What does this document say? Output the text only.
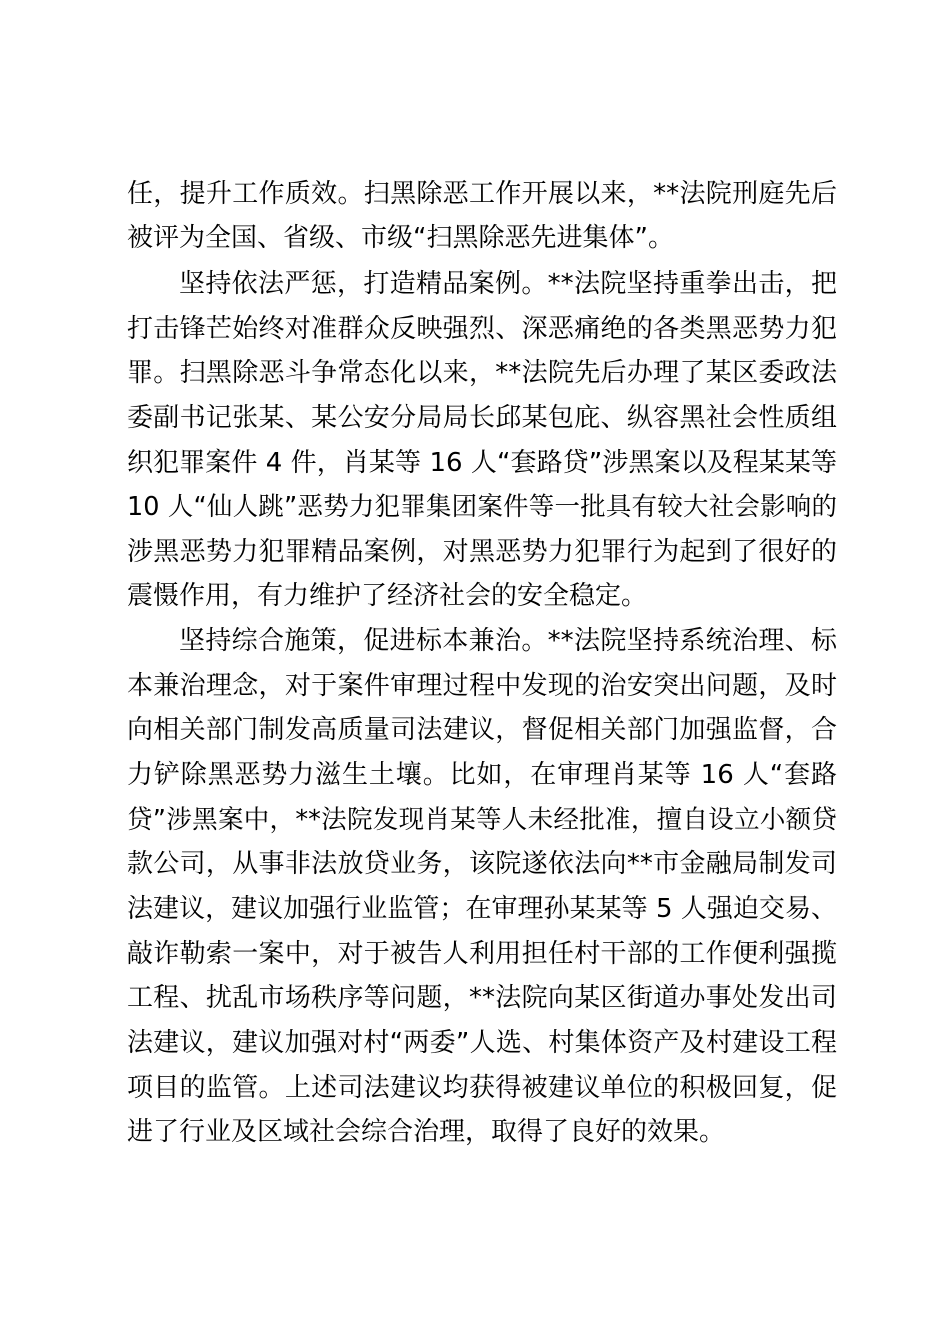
任，提升工作质效。扫黑除恶工作开展以来，**法院刑庭先后
被评为全国、省级、市级“扫黑除恶先进集体”。
坚持依法严惩，打造精品案例。**法院坚持重拳出击，把
打击锋芒始终对准群众反映强烈、深恶痛绝的各类黑恶势力犯
罪。扫黑除恶斗争常态化以来，**法院先后办理了某区委政法
委副书记张某、某公安分局局长邱某包庇、纵容黑社会性质组
织犯罪案件 4 件，肖某等 16 人“套路贷”涉黑案以及程某某等
10 人“仙人跳”恶势力犯罪集团案件等一批具有较大社会影响的
涉黑恶势力犯罪精品案例，对黑恶势力犯罪行为起到了很好的
震慑作用，有力维护了经济社会的安全稳定。
坚持综合施策，促进标本兼治。**法院坚持系统治理、标
本兼治理念，对于案件审理过程中发现的治安突出问题，及时
向相关部门制发高质量司法建议，督促相关部门加强监督，合
力铲除黑恶势力滋生土壤。比如，在审理肖某等 16 人“套路
贷”涉黑案中，**法院发现肖某等人未经批准，擅自设立小额贷
款公司，从事非法放贷业务，该院遂依法向**市金融局制发司
法建议，建议加强行业监管；在审理孙某某等 5 人强迫交易、
敲诈勒索一案中，对于被告人利用担任村干部的工作便利强揽
工程、扰乱市场秩序等问题，**法院向某区街道办事处发出司
法建议，建议加强对村“两委”人选、村集体资产及村建设工程
项目的监管。上述司法建议均获得被建议单位的积极回复，促
进了行业及区域社会综合治理，取得了良好的效果。
